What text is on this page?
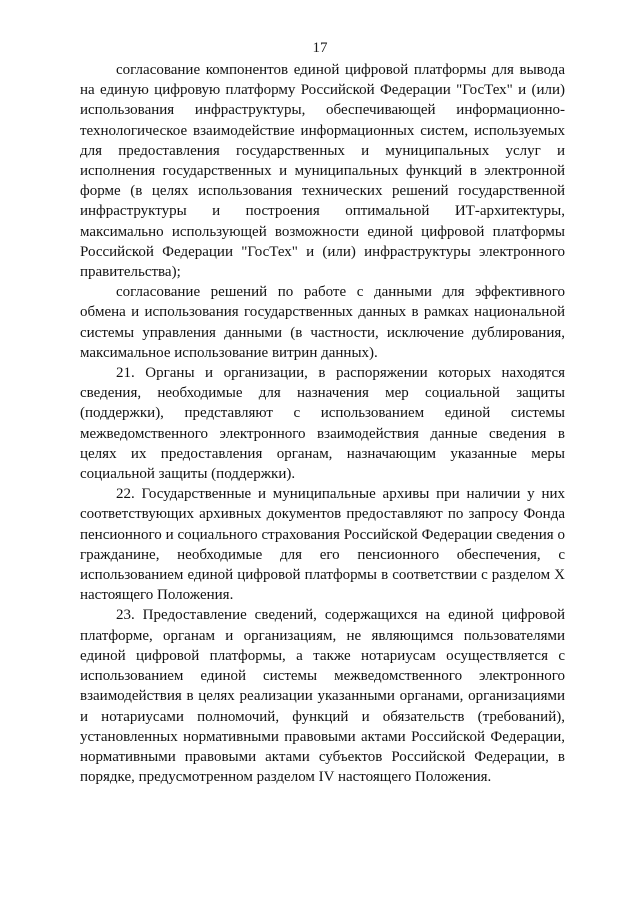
17

согласование компонентов единой цифровой платформы для вывода на единую цифровую платформу Российской Федерации "ГосТех" и (или) использования инфраструктуры, обеспечивающей информационно-технологическое взаимодействие информационных систем, используемых для предоставления государственных и муниципальных услуг и исполнения государственных и муниципальных функций в электронной форме (в целях использования технических решений государственной инфраструктуры и построения оптимальной ИТ-архитектуры, максимально использующей возможности единой цифровой платформы Российской Федерации "ГосТех" и (или) инфраструктуры электронного правительства);

согласование решений по работе с данными для эффективного обмена и использования государственных данных в рамках национальной системы управления данными (в частности, исключение дублирования, максимальное использование витрин данных).

21. Органы и организации, в распоряжении которых находятся сведения, необходимые для назначения мер социальной защиты (поддержки), представляют с использованием единой системы межведомственного электронного взаимодействия данные сведения в целях их предоставления органам, назначающим указанные меры социальной защиты (поддержки).

22. Государственные и муниципальные архивы при наличии у них соответствующих архивных документов предоставляют по запросу Фонда пенсионного и социального страхования Российской Федерации сведения о гражданине, необходимые для его пенсионного обеспечения, с использованием единой цифровой платформы в соответствии с разделом X настоящего Положения.

23. Предоставление сведений, содержащихся на единой цифровой платформе, органам и организациям, не являющимся пользователями единой цифровой платформы, а также нотариусам осуществляется с использованием единой системы межведомственного электронного взаимодействия в целях реализации указанными органами, организациями и нотариусами полномочий, функций и обязательств (требований), установленных нормативными правовыми актами Российской Федерации, нормативными правовыми актами субъектов Российской Федерации, в порядке, предусмотренном разделом IV настоящего Положения.
